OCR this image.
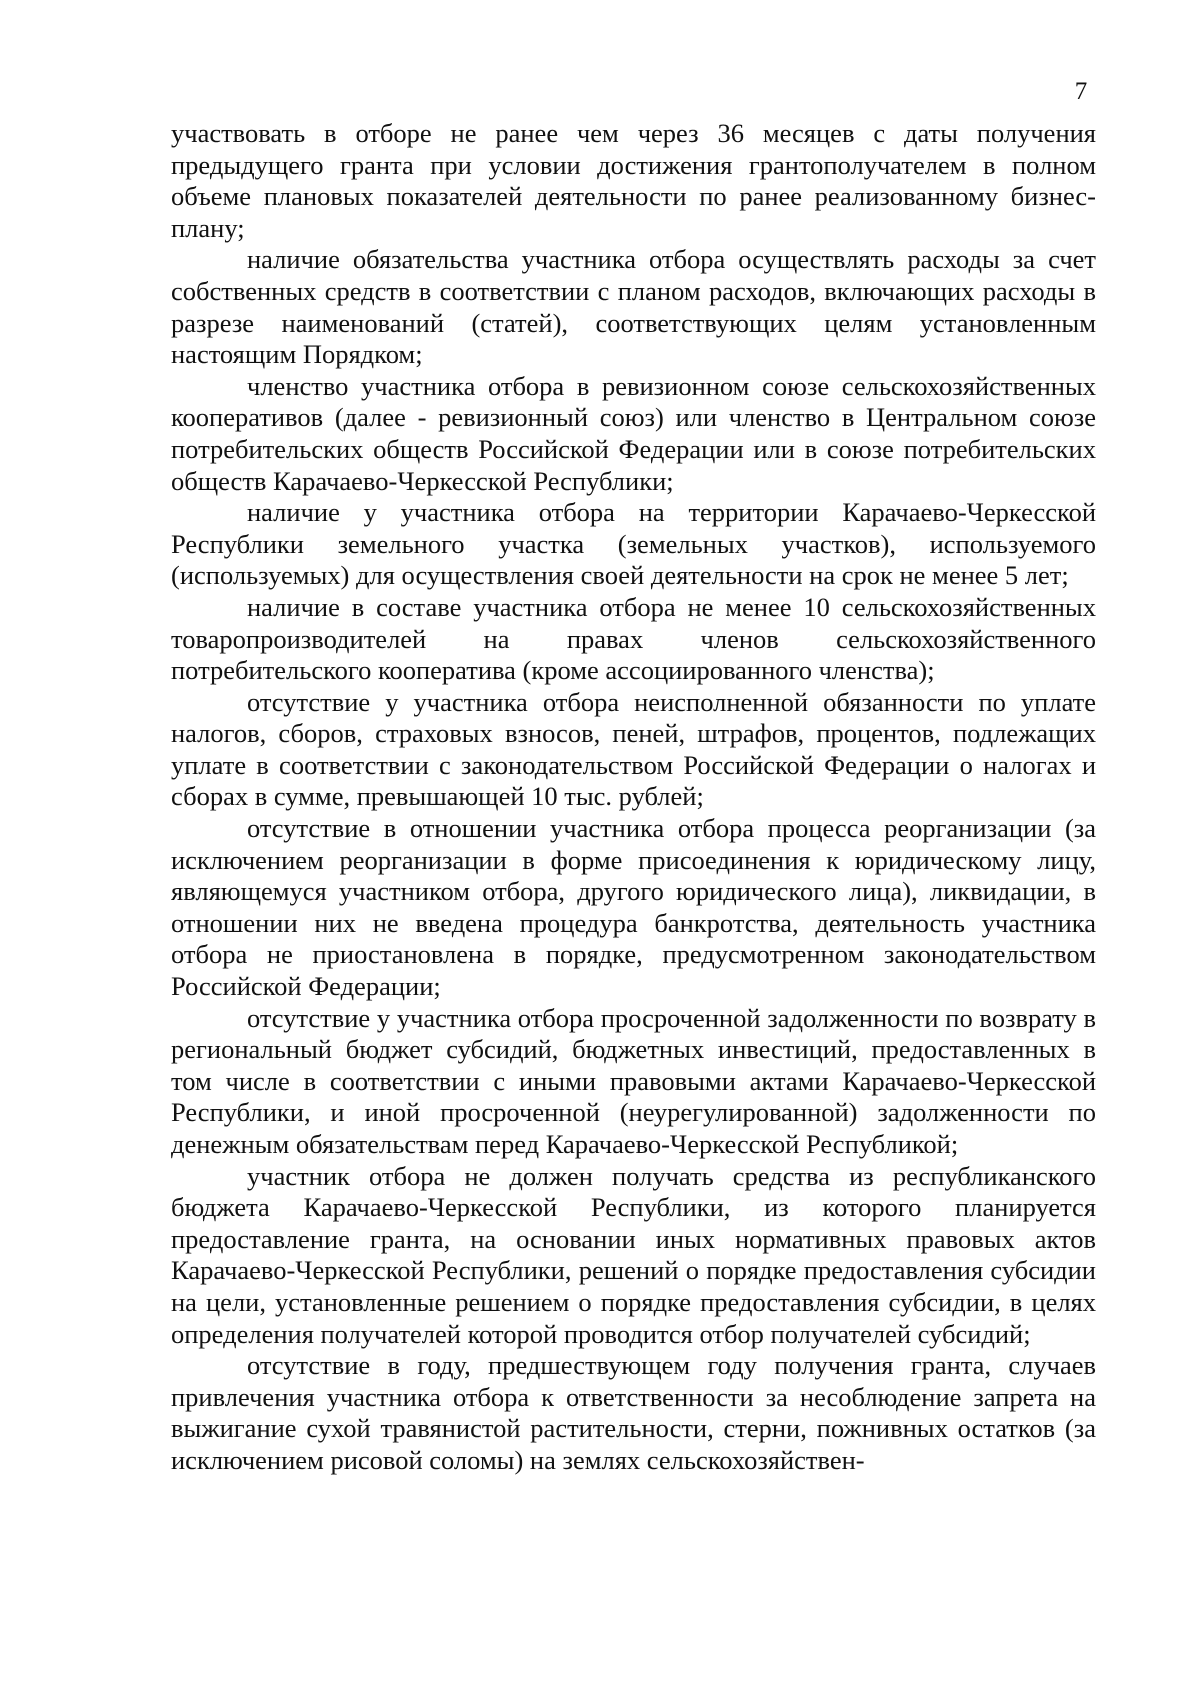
7

участвовать в отборе не ранее чем через 36 месяцев с даты получения предыдущего гранта при условии достижения грантополучателем в полном объеме плановых показателей деятельности по ранее реализованному бизнес-плану;

наличие обязательства участника отбора осуществлять расходы за счет собственных средств в соответствии с планом расходов, включающих расходы в разрезе наименований (статей), соответствующих целям установленным настоящим Порядком;

членство участника отбора в ревизионном союзе сельскохозяйственных кооперативов (далее - ревизионный союз) или членство в Центральном союзе потребительских обществ Российской Федерации или в союзе потребительских обществ Карачаево-Черкесской Республики;

наличие у участника отбора на территории Карачаево-Черкесской Республики земельного участка (земельных участков), используемого (используемых) для осуществления своей деятельности на срок не менее 5 лет;

наличие в составе участника отбора не менее 10 сельскохозяйственных товаропроизводителей на правах членов сельскохозяйственного потребительского кооператива (кроме ассоциированного членства);

отсутствие у участника отбора неисполненной обязанности по уплате налогов, сборов, страховых взносов, пеней, штрафов, процентов, подлежащих уплате в соответствии с законодательством Российской Федерации о налогах и сборах в сумме, превышающей 10 тыс. рублей;

отсутствие в отношении участника отбора процесса реорганизации (за исключением реорганизации в форме присоединения к юридическому лицу, являющемуся участником отбора, другого юридического лица), ликвидации, в отношении них не введена процедура банкротства, деятельность участника отбора не приостановлена в порядке, предусмотренном законодательством Российской Федерации;

отсутствие у участника отбора просроченной задолженности по возврату в региональный бюджет субсидий, бюджетных инвестиций, предоставленных в том числе в соответствии с иными правовыми актами Карачаево-Черкесской Республики, и иной просроченной (неурегулированной) задолженности по денежным обязательствам перед Карачаево-Черкесской Республикой;

участник отбора не должен получать средства из республиканского бюджета Карачаево-Черкесской Республики, из которого планируется предоставление гранта, на основании иных нормативных правовых актов Карачаево-Черкесской Республики, решений о порядке предоставления субсидии на цели, установленные решением о порядке предоставления субсидии, в целях определения получателей которой проводится отбор получателей субсидий;

отсутствие в году, предшествующем году получения гранта, случаев привлечения участника отбора к ответственности за несоблюдение запрета на выжигание сухой травянистой растительности, стерни, пожнивных остатков (за исключением рисовой соломы) на землях сельскохозяйствен-
